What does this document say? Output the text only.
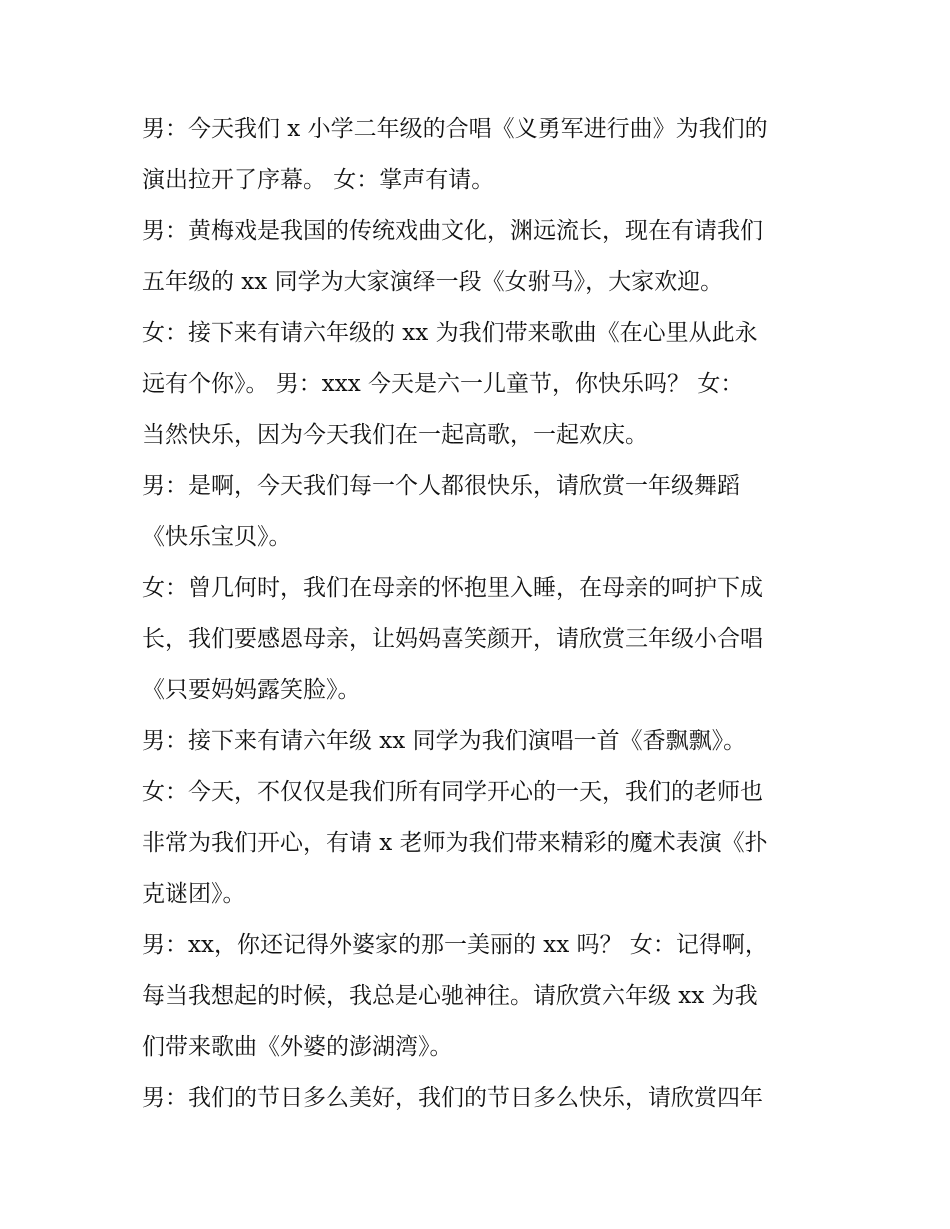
男：今天我们 x 小学二年级的合唱《义勇军进行曲》为我们的
演出拉开了序幕。 女：掌声有请。
男：黄梅戏是我国的传统戏曲文化，渊远流长，现在有请我们
五年级的 xx 同学为大家演绎一段《女驸马》，大家欢迎。
女：接下来有请六年级的 xx 为我们带来歌曲《在心里从此永
远有个你》。 男：xxx 今天是六一儿童节，你快乐吗？ 女：
当然快乐，因为今天我们在一起高歌，一起欢庆。
男：是啊，今天我们每一个人都很快乐，请欣赏一年级舞蹈
《快乐宝贝》。
女：曾几何时，我们在母亲的怀抱里入睡，在母亲的呵护下成
长，我们要感恩母亲，让妈妈喜笑颜开，请欣赏三年级小合唱
《只要妈妈露笑脸》。
男：接下来有请六年级 xx 同学为我们演唱一首《香飘飘》。
女：今天，不仅仅是我们所有同学开心的一天，我们的老师也
非常为我们开心，有请 x 老师为我们带来精彩的魔术表演《扑
克谜团》。
男：xx，你还记得外婆家的那一美丽的 xx 吗？ 女：记得啊，
每当我想起的时候，我总是心驰神往。请欣赏六年级 xx 为我
们带来歌曲《外婆的澎湖湾》。
男：我们的节日多么美好，我们的节日多么快乐，请欣赏四年
